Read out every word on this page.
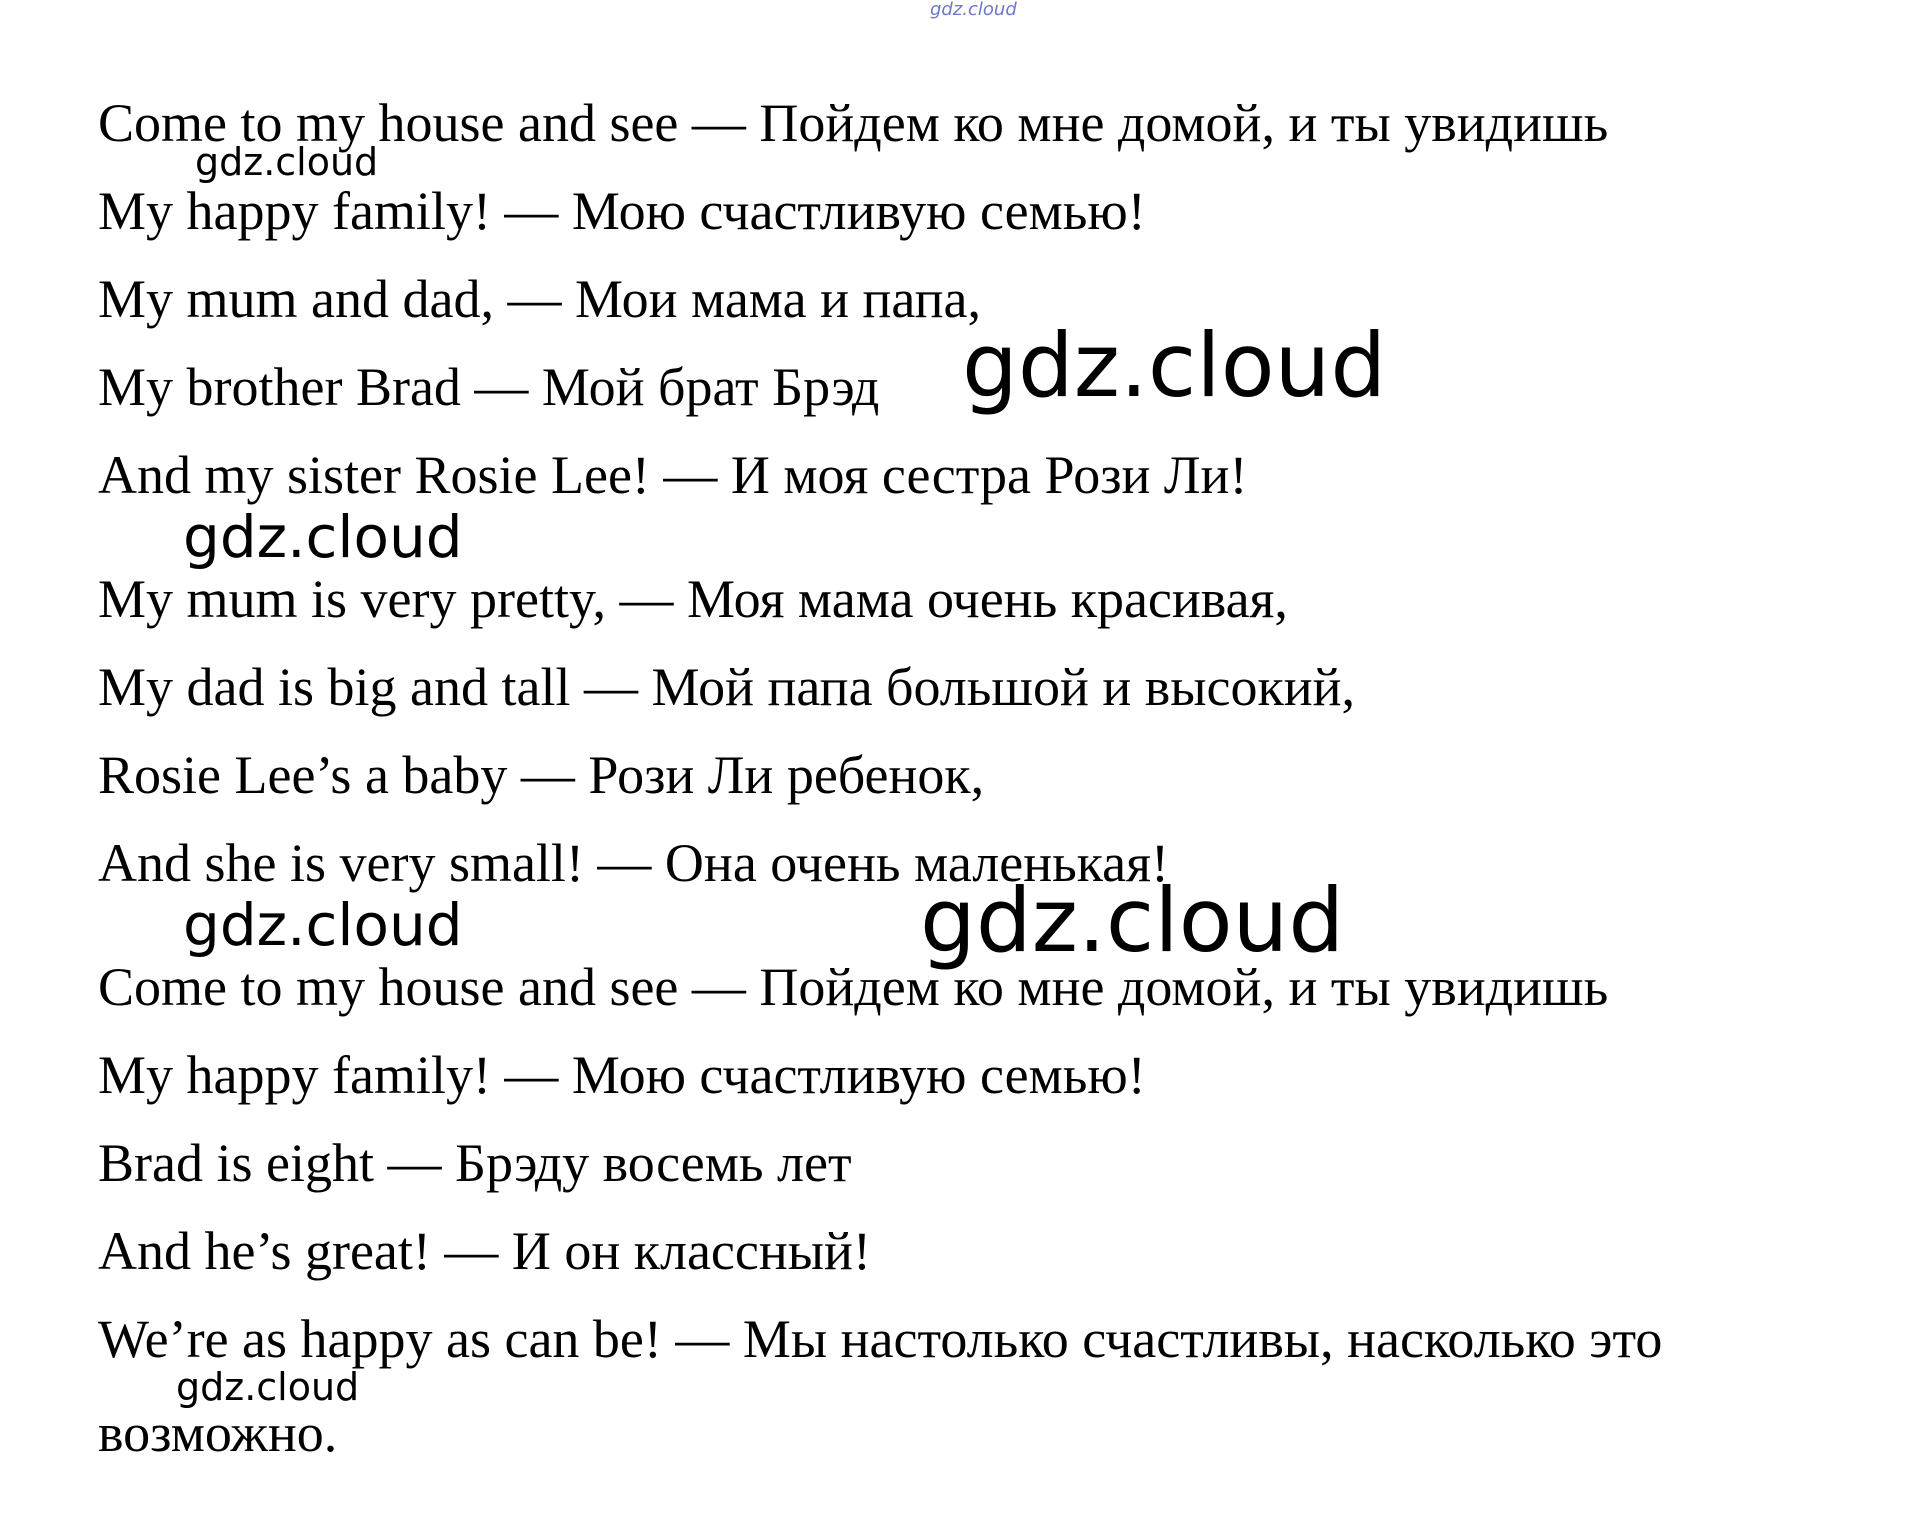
gdz.cloud
Come to my house and see — Пойдем ко мне домой, и ты увидишь
gdz.cloud
My happy family! — Мою счастливую семью!
My mum and dad, — Мои мама и папа,
My brother Brad — Мой брат Брэд gdz.cloud
And my sister Rosie Lee! — И моя сестра Рози Ли!
gdz.cloud
My mum is very pretty, — Моя мама очень красивая,
My dad is big and tall — Мой папа большой и высокий,
Rosie Lee’s a baby — Рози Ли ребенок,
And she is very small! — Она очень маленькая!
gdz.cloud	gdz.cloud
Come to my house and see — Пойдем ко мне домой, и ты увидишь
My happy family! — Мою счастливую семью!
Brad is eight — Брэду восемь лет
And he’s great! — И он классный!
We’re as happy as can be! — Мы настолько счастливы, насколько это
gdz.cloud
возможно.
